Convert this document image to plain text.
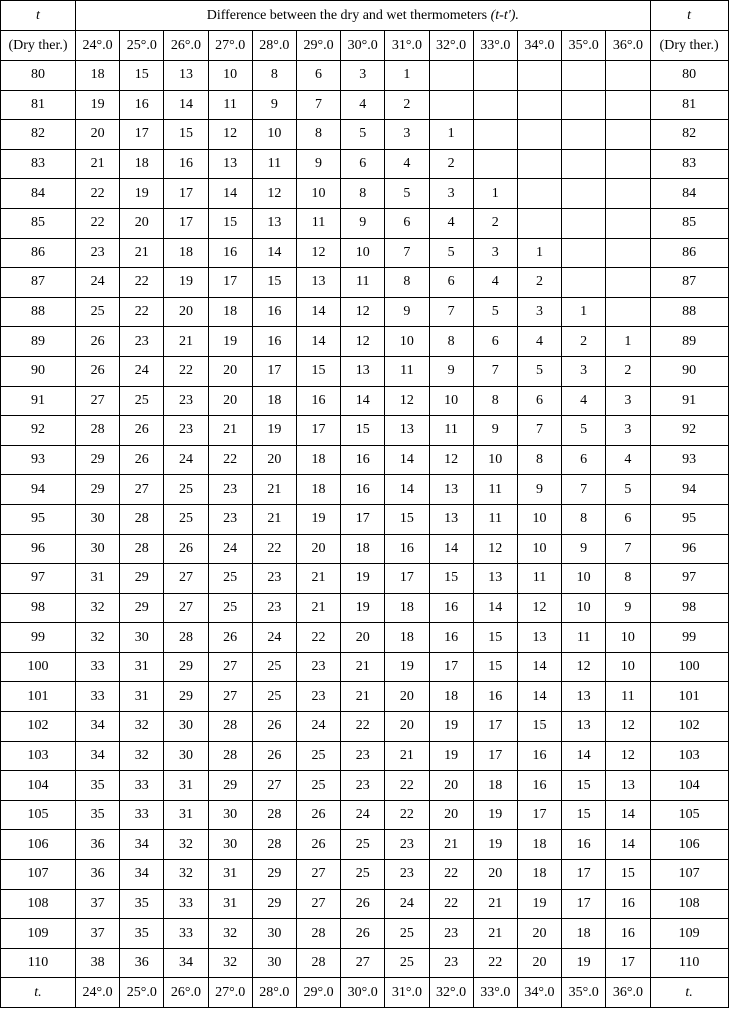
t	Difference between the dry and wet thermometers (t-t').													t
(Dry ther.)	24°.0	25°.0	26°.0	27°.0	28°.0	29°.0	30°.0	31°.0	32°.0	33°.0	34°.0	35°.0	36°.0	(Dry ther.)
80	18	15	13	10	8	6	3	1						80
81	19	16	14	11	9	7	4	2						81
82	20	17	15	12	10	8	5	3	1					82
83	21	18	16	13	11	9	6	4	2					83
84	22	19	17	14	12	10	8	5	3	1				84
85	22	20	17	15	13	11	9	6	4	2				85
86	23	21	18	16	14	12	10	7	5	3	1			86
87	24	22	19	17	15	13	11	8	6	4	2			87
88	25	22	20	18	16	14	12	9	7	5	3	1		88
89	26	23	21	19	16	14	12	10	8	6	4	2	1	89
90	26	24	22	20	17	15	13	11	9	7	5	3	2	90
91	27	25	23	20	18	16	14	12	10	8	6	4	3	91
92	28	26	23	21	19	17	15	13	11	9	7	5	3	92
93	29	26	24	22	20	18	16	14	12	10	8	6	4	93
94	29	27	25	23	21	18	16	14	13	11	9	7	5	94
95	30	28	25	23	21	19	17	15	13	11	10	8	6	95
96	30	28	26	24	22	20	18	16	14	12	10	9	7	96
97	31	29	27	25	23	21	19	17	15	13	11	10	8	97
98	32	29	27	25	23	21	19	18	16	14	12	10	9	98
99	32	30	28	26	24	22	20	18	16	15	13	11	10	99
100	33	31	29	27	25	23	21	19	17	15	14	12	10	100
101	33	31	29	27	25	23	21	20	18	16	14	13	11	101
102	34	32	30	28	26	24	22	20	19	17	15	13	12	102
103	34	32	30	28	26	25	23	21	19	17	16	14	12	103
104	35	33	31	29	27	25	23	22	20	18	16	15	13	104
105	35	33	31	30	28	26	24	22	20	19	17	15	14	105
106	36	34	32	30	28	26	25	23	21	19	18	16	14	106
107	36	34	32	31	29	27	25	23	22	20	18	17	15	107
108	37	35	33	31	29	27	26	24	22	21	19	17	16	108
109	37	35	33	32	30	28	26	25	23	21	20	18	16	109
110	38	36	34	32	30	28	27	25	23	22	20	19	17	110
t.	24°.0	25°.0	26°.0	27°.0	28°.0	29°.0	30°.0	31°.0	32°.0	33°.0	34°.0	35°.0	36°.0	t.
